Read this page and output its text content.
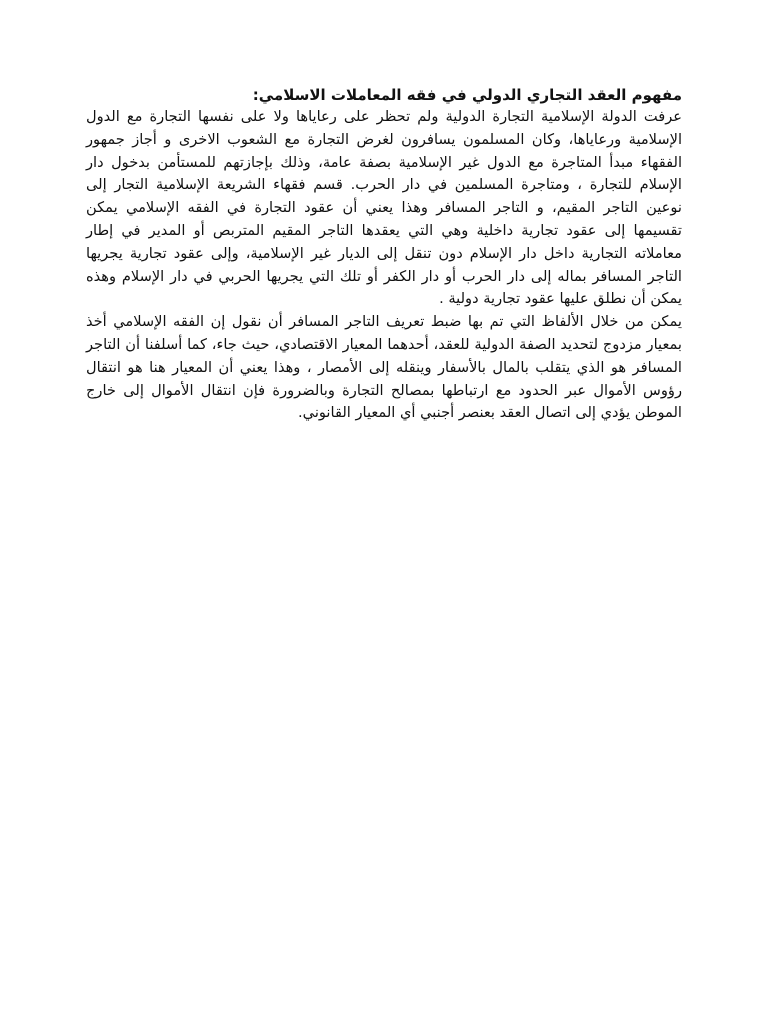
مفهوم العقد التجاري الدولي في فقه المعاملات الاسلامي:

عرفت الدولة الإسلامية التجارة الدولية ولم تحظر على رعاياها ولا على نفسها التجارة مع الدول الإسلامية ورعاياها، وكان المسلمون يسافرون لغرض التجارة مع الشعوب الاخرى و أجاز جمهور الفقهاء مبدأ المتاجرة مع الدول غير الإسلامية بصفة عامة، وذلك بإجازتهم للمستأمن بدخول دار الإسلام للتجارة ، ومتاجرة المسلمين في دار الحرب. قسم فقهاء الشريعة الإسلامية التجار إلى نوعين التاجر المقيم، و التاجر المسافر وهذا يعني أن عقود التجارة في الفقه الإسلامي يمكن تقسيمها إلى عقود تجارية داخلية وهي التي يعقدها التاجر المقيم المتربص أو المدير في إطار معاملاته التجارية داخل دار الإسلام دون تنقل إلى الديار غير الإسلامية، وإلى عقود تجارية يجريها التاجر المسافر بماله إلى دار الحرب أو دار الكفر أو تلك التي يجريها الحربي في دار الإسلام وهذه يمكن أن نطلق عليها عقود تجارية دولية .

يمكن من خلال الألفاظ التي تم بها ضبط تعريف التاجر المسافر أن نقول إن الفقه الإسلامي أخذ بمعيار مزدوج لتحديد الصفة الدولية للعقد، أحدهما المعيار الاقتصادي، حيث جاء، كما أسلفنا أن التاجر المسافر هو الذي يتقلب بالمال بالأسفار وينقله إلى الأمصار ، وهذا يعني أن المعيار هنا هو انتقال رؤوس الأموال عبر الحدود مع ارتباطها بمصالح التجارة وبالضرورة فإن انتقال الأموال إلى خارج الموطن يؤدي إلى اتصال العقد بعنصر أجنبي أي المعيار القانوني.
